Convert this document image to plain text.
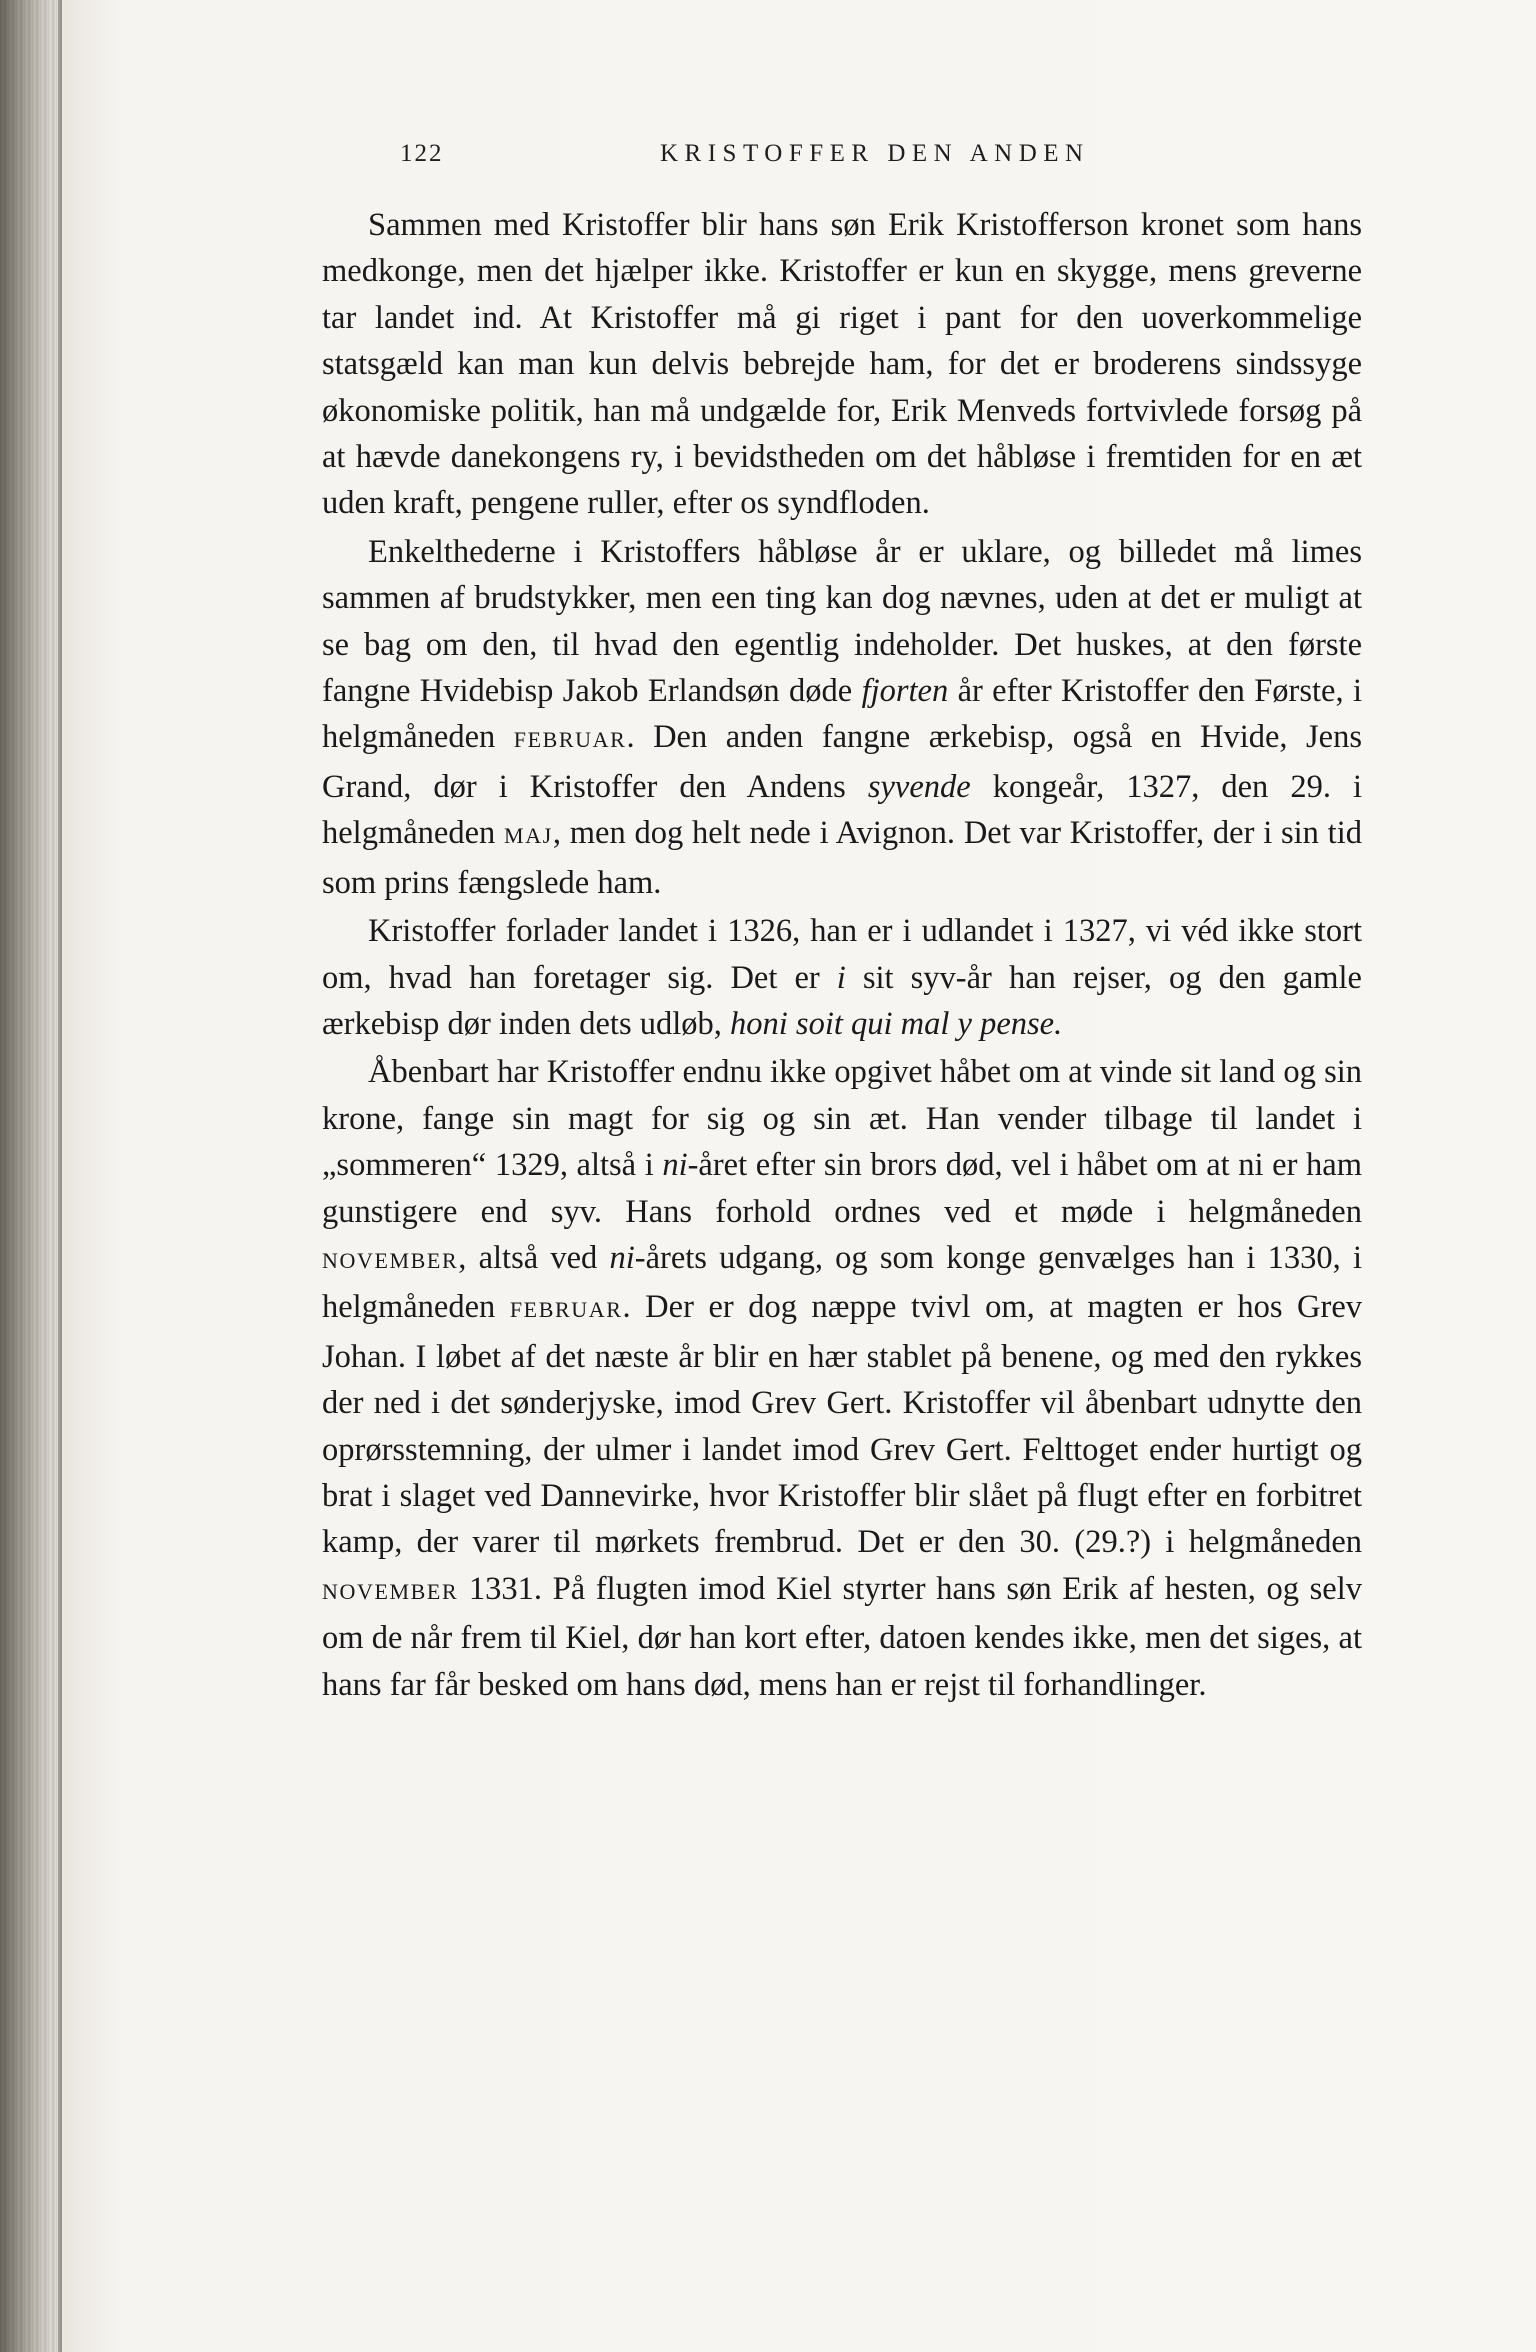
122	KRISTOFFER DEN ANDEN

Sammen med Kristoffer blir hans søn Erik Kristofferson kronet som hans medkonge, men det hjælper ikke. Kristoffer er kun en skygge, mens greverne tar landet ind. At Kristoffer må gi riget i pant for den uoverkommelige statsgæld kan man kun delvis bebrejde ham, for det er broderens sindssyge økonomiske politik, han må undgælde for, Erik Menveds fortvivlede forsøg på at hævde danekongens ry, i bevidstheden om det håbløse i fremtiden for en æt uden kraft, pengene ruller, efter os syndfloden.

Enkelthederne i Kristoffers håbløse år er uklare, og billedet må limes sammen af brudstykker, men een ting kan dog nævnes, uden at det er muligt at se bag om den, til hvad den egentlig indeholder. Det huskes, at den første fangne Hvidebisp Jakob Erlandsøn døde fjorten år efter Kristoffer den Første, i helgmåneden FEBRUAR. Den anden fangne ærkebisp, også en Hvide, Jens Grand, dør i Kristoffer den Andens syvende kongeår, 1327, den 29. i helgmåneden MAJ, men dog helt nede i Avignon. Det var Kristoffer, der i sin tid som prins fængslede ham.

Kristoffer forlader landet i 1326, han er i udlandet i 1327, vi véd ikke stort om, hvad han foretager sig. Det er i sit syv-år han rejser, og den gamle ærkebisp dør inden dets udløb, honi soit qui mal y pense.

Åbenbart har Kristoffer endnu ikke opgivet håbet om at vinde sit land og sin krone, fange sin magt for sig og sin æt. Han vender tilbage til landet i „sommeren“ 1329, altså i ni-året efter sin brors død, vel i håbet om at ni er ham gunstigere end syv. Hans forhold ordnes ved et møde i helgmåneden NOVEMBER, altså ved ni-årets udgang, og som konge genvælges han i 1330, i helgmåneden FEBRUAR. Der er dog næppe tvivl om, at magten er hos Grev Johan. I løbet af det næste år blir en hær stablet på benene, og med den rykkes der ned i det sønderjyske, imod Grev Gert. Kristoffer vil åbenbart udnytte den oprørsstemning, der ulmer i landet imod Grev Gert. Felttoget ender hurtigt og brat i slaget ved Dannevirke, hvor Kristoffer blir slået på flugt efter en forbitret kamp, der varer til mørkets frembrud. Det er den 30. (29.?) i helgmåneden NOVEMBER 1331. På flugten imod Kiel styrter hans søn Erik af hesten, og selv om de når frem til Kiel, dør han kort efter, datoen kendes ikke, men det siges, at hans far får besked om hans død, mens han er rejst til forhandlinger.
